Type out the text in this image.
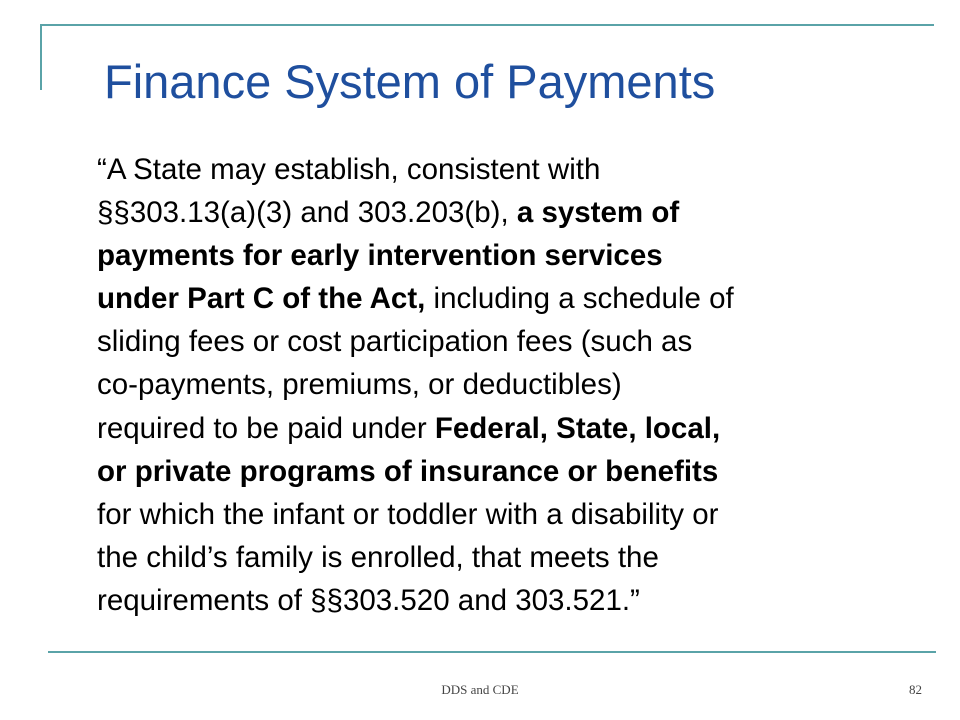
Finance System of Payments
“A State may establish, consistent with
§§303.13(a)(3) and 303.203(b), a system of
payments for early intervention services
under Part C of the Act, including a schedule of
sliding fees or cost participation fees (such as
co-payments, premiums, or deductibles)
required to be paid under Federal, State, local,
or private programs of insurance or benefits
for which the infant or toddler with a disability or
the child’s family is enrolled, that meets the
requirements of §§303.520 and 303.521.”
DDS and CDE	82
